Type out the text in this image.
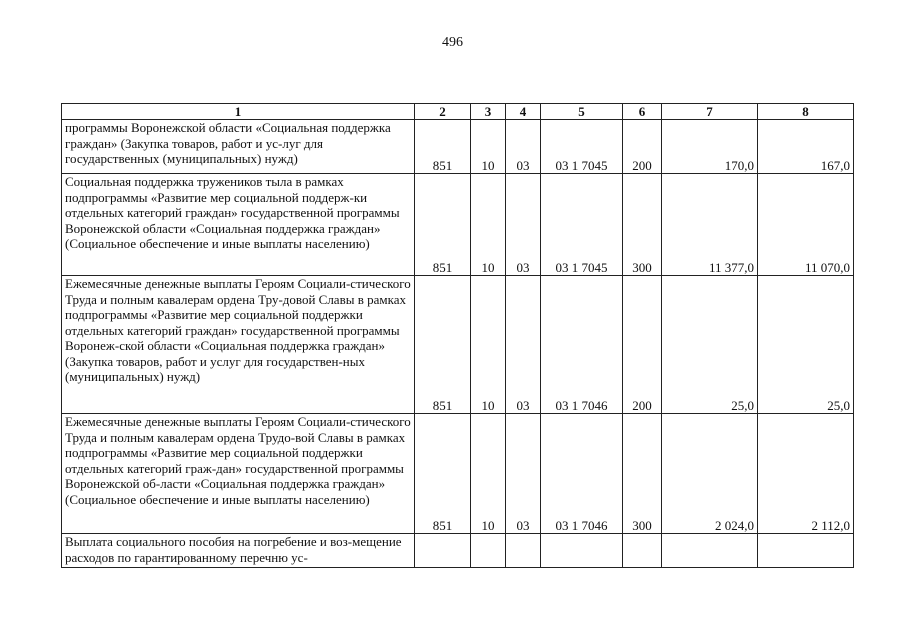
496
1	2	3	4	5	6	7	8
программы Воронежской области «Социальная поддержка граждан» (Закупка товаров, работ и ус-луг для государственных (муниципальных) нужд)	851	10	03	03 1 7045	200	170,0	167,0
Социальная поддержка тружеников тыла в рамках подпрограммы «Развитие мер социальной поддерж-ки отдельных категорий граждан» государственной программы Воронежской области «Социальная поддержка граждан» (Социальное обеспечение и иные выплаты населению)	851	10	03	03 1 7045	300	11 377,0	11 070,0
Ежемесячные денежные выплаты Героям Социали-стического Труда и полным кавалерам ордена Тру-довой Славы в рамках подпрограммы «Развитие мер социальной поддержки отдельных категорий граждан» государственной программы Воронеж-ской области «Социальная поддержка граждан» (Закупка товаров, работ и услуг для государствен-ных (муниципальных) нужд)	851	10	03	03 1 7046	200	25,0	25,0
Ежемесячные денежные выплаты Героям Социали-стического Труда и полным кавалерам ордена Трудо-вой Славы в рамках подпрограммы «Развитие мер социальной поддержки отдельных категорий граж-дан» государственной программы Воронежской об-ласти «Социальная поддержка граждан» (Социальное обеспечение и иные выплаты населению)	851	10	03	03 1 7046	300	2 024,0	2 112,0
Выплата социального пособия на погребение и воз-мещение расходов по гарантированному перечню ус-							
